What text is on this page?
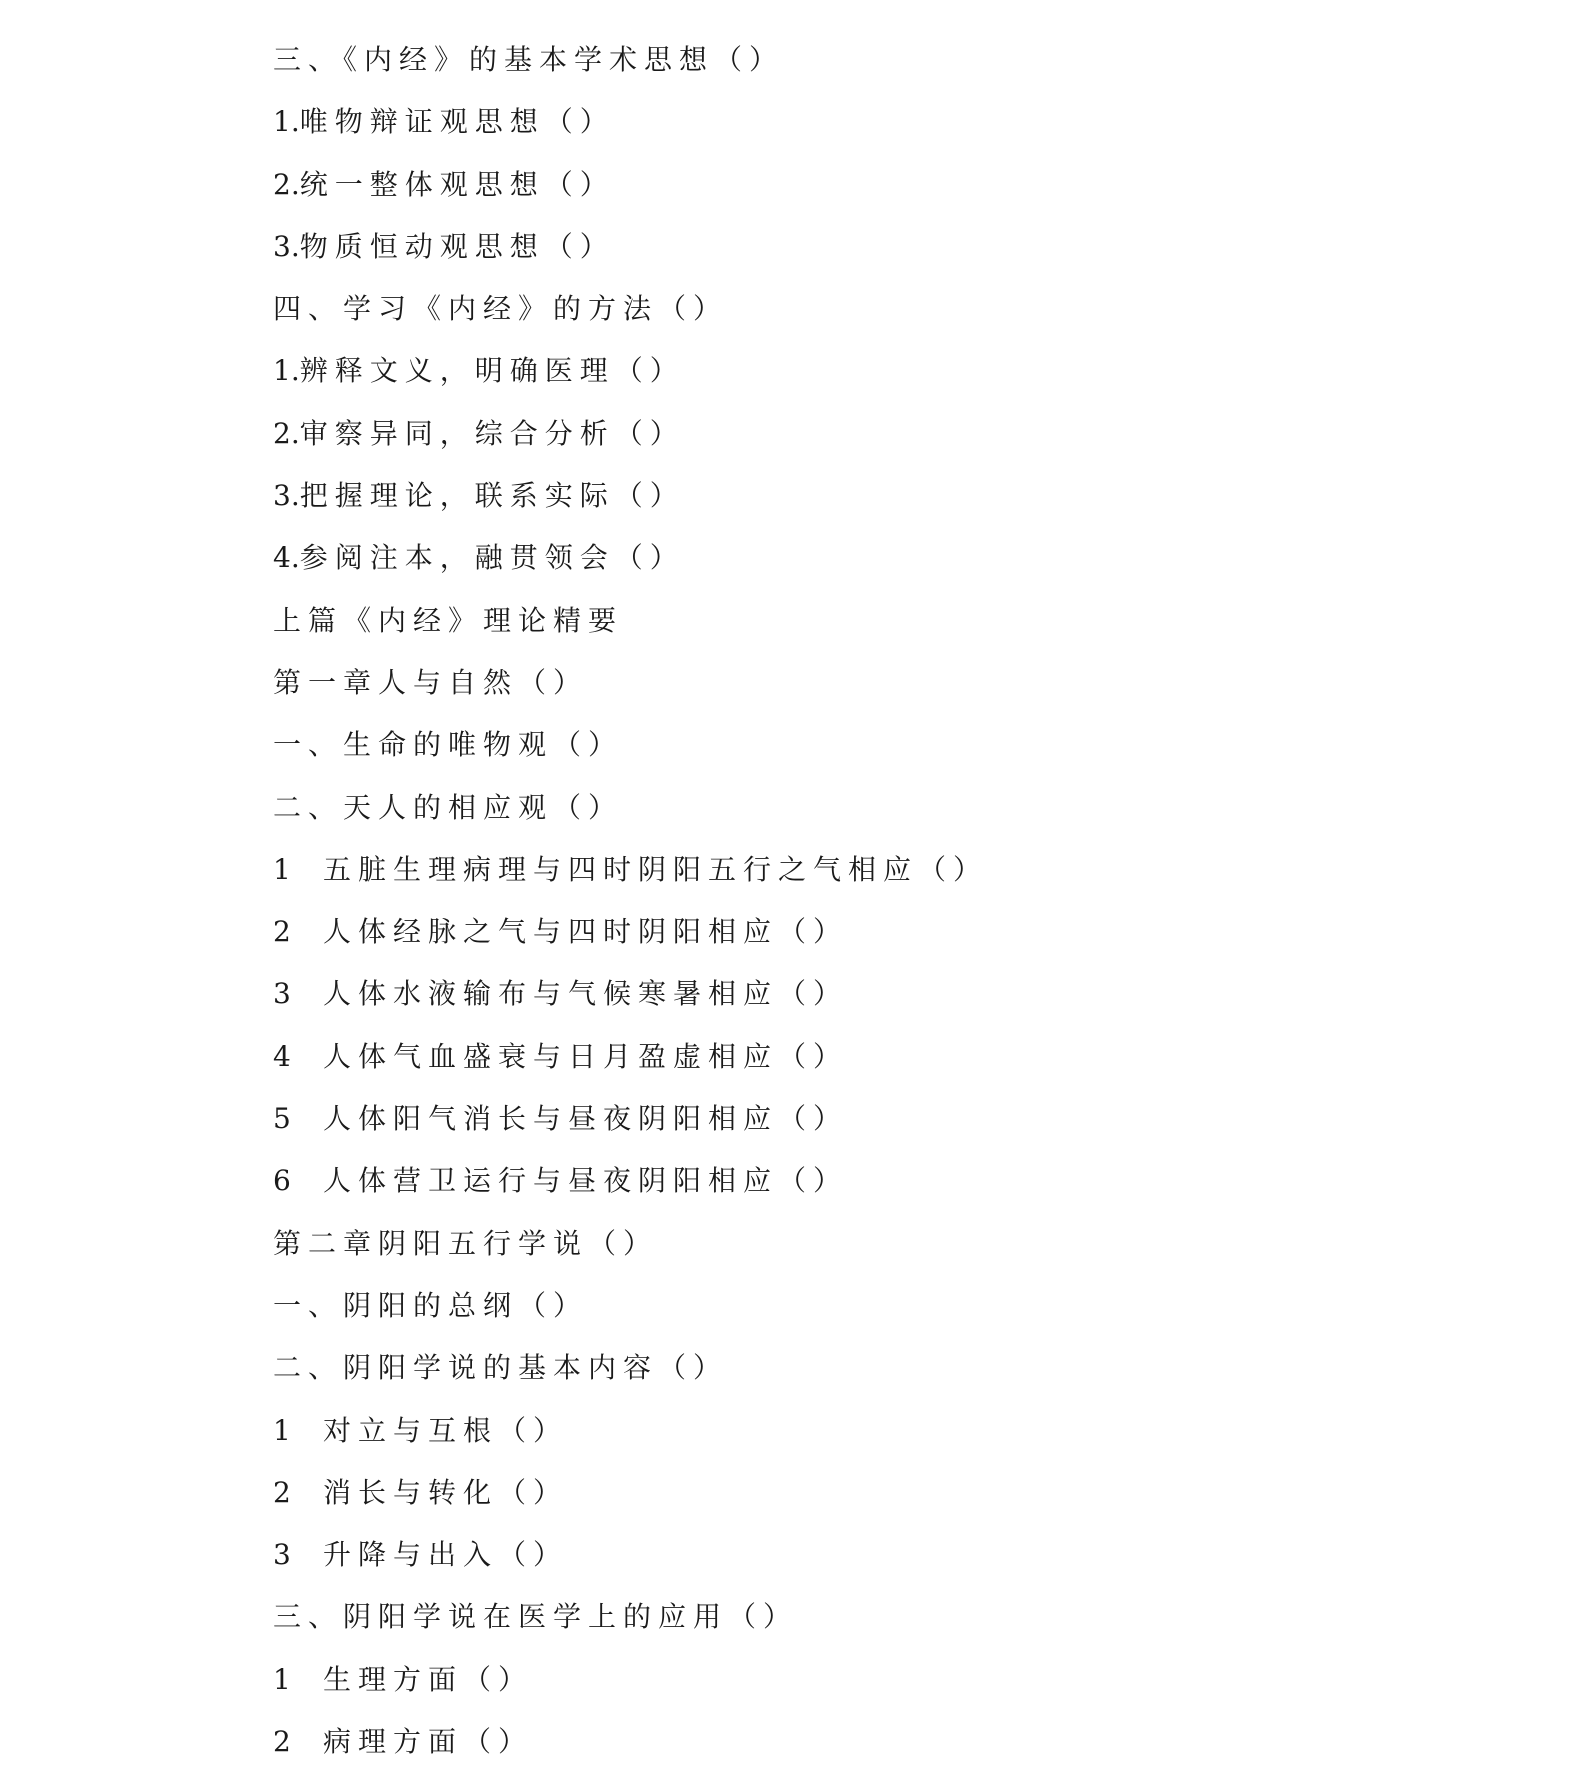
三、《内经》的基本学术思想（）
1.唯物辩证观思想（）
2.统一整体观思想（）
3.物质恒动观思想（）
四、学习《内经》的方法（）
1.辨释文义，明确医理（）
2.审察异同，综合分析（）
3.把握理论，联系实际（）
4.参阅注本，融贯领会（）
上篇《内经》理论精要
第一章人与自然（）
一、生命的唯物观（）
二、天人的相应观（）
1 五脏生理病理与四时阴阳五行之气相应（）
2 人体经脉之气与四时阴阳相应（）
3 人体水液输布与气候寒暑相应（）
4 人体气血盛衰与日月盈虚相应（）
5 人体阳气消长与昼夜阴阳相应（）
6 人体营卫运行与昼夜阴阳相应（）
第二章阴阳五行学说（）
一、阴阳的总纲（）
二、阴阳学说的基本内容（）
1 对立与互根（）
2 消长与转化（）
3 升降与出入（）
三、阴阳学说在医学上的应用（）
1 生理方面（）
2 病理方面（）
